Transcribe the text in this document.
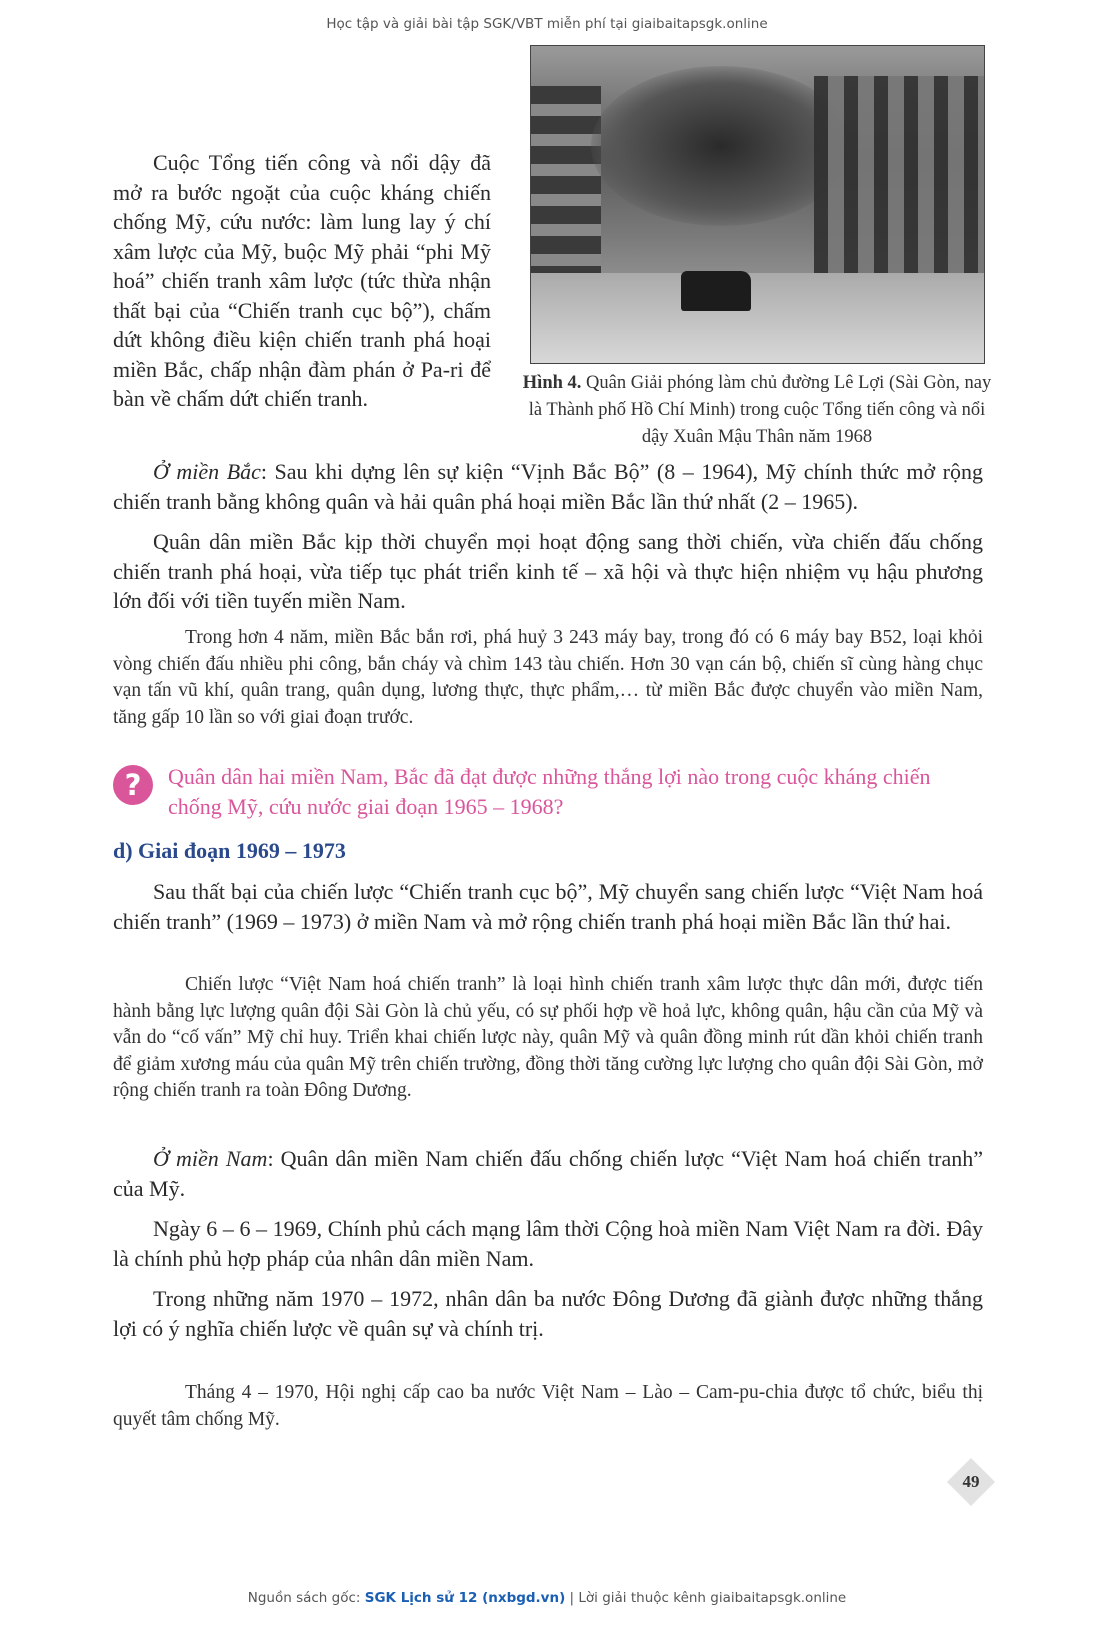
Học tập và giải bài tập SGK/VBT miễn phí tại giaibaitapsgk.online
Hình 4. Quân Giải phóng làm chủ đường Lê Lợi (Sài Gòn, nay là Thành phố Hồ Chí Minh) trong cuộc Tổng tiến công và nổi dậy Xuân Mậu Thân năm 1968

Cuộc Tổng tiến công và nổi dậy đã mở ra bước ngoặt của cuộc kháng chiến chống Mỹ, cứu nước: làm lung lay ý chí xâm lược của Mỹ, buộc Mỹ phải “phi Mỹ hoá” chiến tranh xâm lược (tức thừa nhận thất bại của “Chiến tranh cục bộ”), chấm dứt không điều kiện chiến tranh phá hoại miền Bắc, chấp nhận đàm phán ở Pa-ri để bàn về chấm dứt chiến tranh.

Ở miền Bắc: Sau khi dựng lên sự kiện “Vịnh Bắc Bộ” (8 – 1964), Mỹ chính thức mở rộng chiến tranh bằng không quân và hải quân phá hoại miền Bắc lần thứ nhất (2 – 1965).

Quân dân miền Bắc kịp thời chuyển mọi hoạt động sang thời chiến, vừa chiến đấu chống chiến tranh phá hoại, vừa tiếp tục phát triển kinh tế – xã hội và thực hiện nhiệm vụ hậu phương lớn đối với tiền tuyến miền Nam.

Trong hơn 4 năm, miền Bắc bắn rơi, phá huỷ 3 243 máy bay, trong đó có 6 máy bay B52, loại khỏi vòng chiến đấu nhiều phi công, bắn cháy và chìm 143 tàu chiến. Hơn 30 vạn cán bộ, chiến sĩ cùng hàng chục vạn tấn vũ khí, quân trang, quân dụng, lương thực, thực phẩm,… từ miền Bắc được chuyển vào miền Nam, tăng gấp 10 lần so với giai đoạn trước.

?	Quân dân hai miền Nam, Bắc đã đạt được những thắng lợi nào trong cuộc kháng chiến chống Mỹ, cứu nước giai đoạn 1965 – 1968?
d) Giai đoạn 1969 – 1973

Sau thất bại của chiến lược “Chiến tranh cục bộ”, Mỹ chuyển sang chiến lược “Việt Nam hoá chiến tranh” (1969 – 1973) ở miền Nam và mở rộng chiến tranh phá hoại miền Bắc lần thứ hai.

Chiến lược “Việt Nam hoá chiến tranh” là loại hình chiến tranh xâm lược thực dân mới, được tiến hành bằng lực lượng quân đội Sài Gòn là chủ yếu, có sự phối hợp về hoả lực, không quân, hậu cần của Mỹ và vẫn do “cố vấn” Mỹ chỉ huy. Triển khai chiến lược này, quân Mỹ và quân đồng minh rút dần khỏi chiến tranh để giảm xương máu của quân Mỹ trên chiến trường, đồng thời tăng cường lực lượng cho quân đội Sài Gòn, mở rộng chiến tranh ra toàn Đông Dương.

Ở miền Nam: Quân dân miền Nam chiến đấu chống chiến lược “Việt Nam hoá chiến tranh” của Mỹ.

Ngày 6 – 6 – 1969, Chính phủ cách mạng lâm thời Cộng hoà miền Nam Việt Nam ra đời. Đây là chính phủ hợp pháp của nhân dân miền Nam.

Trong những năm 1970 – 1972, nhân dân ba nước Đông Dương đã giành được những thắng lợi có ý nghĩa chiến lược về quân sự và chính trị.

Tháng 4 – 1970, Hội nghị cấp cao ba nước Việt Nam – Lào – Cam-pu-chia được tổ chức, biểu thị quyết tâm chống Mỹ.

49
Nguồn sách gốc: SGK Lịch sử 12 (nxbgd.vn) | Lời giải thuộc kênh giaibaitapsgk.online
